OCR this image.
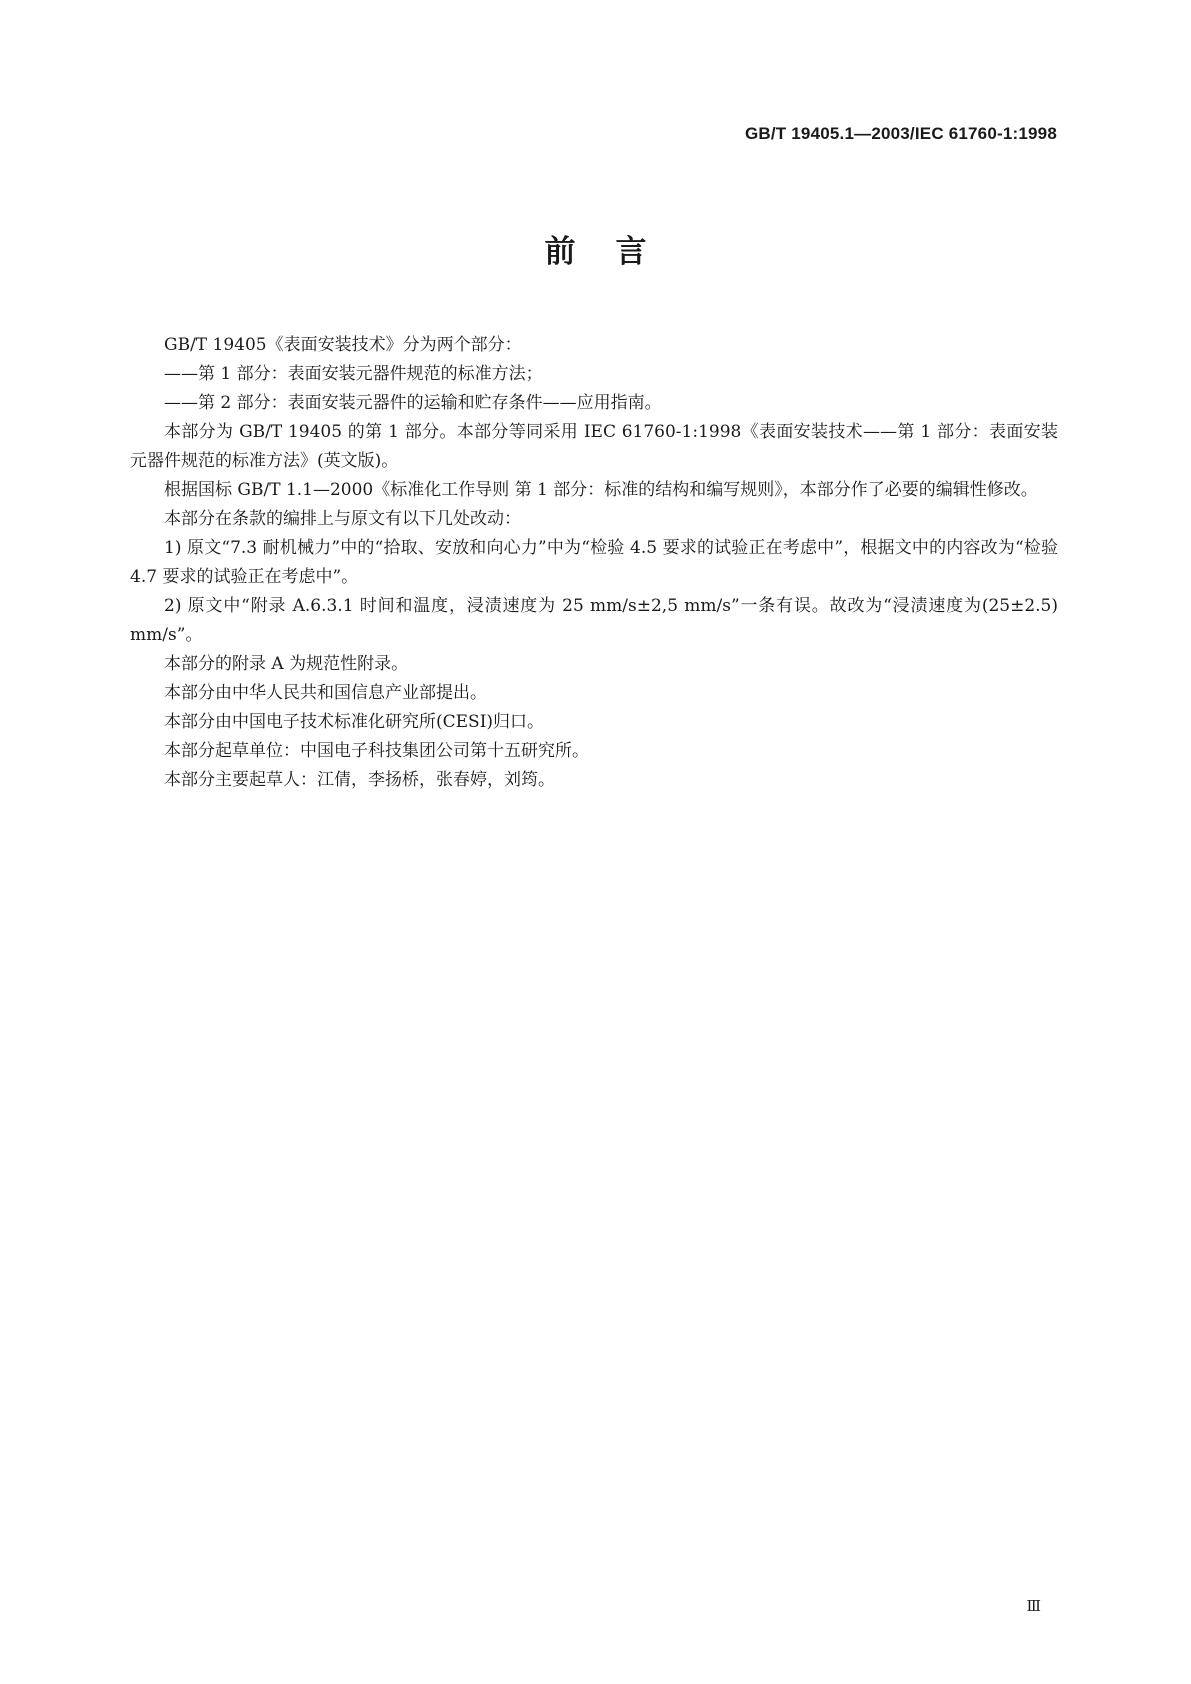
GB/T 19405.1—2003/IEC 61760-1:1998
前言

GB/T 19405《表面安装技术》分为两个部分：

——第 1 部分：表面安装元器件规范的标准方法；

——第 2 部分：表面安装元器件的运输和贮存条件——应用指南。

本部分为 GB/T 19405 的第 1 部分。本部分等同采用 IEC 61760-1:1998《表面安装技术——第 1 部分：表面安装元器件规范的标准方法》(英文版)。

根据国标 GB/T 1.1—2000《标准化工作导则 第 1 部分：标准的结构和编写规则》，本部分作了必要的编辑性修改。

本部分在条款的编排上与原文有以下几处改动：

1) 原文“7.3 耐机械力”中的“拾取、安放和向心力”中为“检验 4.5 要求的试验正在考虑中”，根据文中的内容改为“检验 4.7 要求的试验正在考虑中”。

2) 原文中“附录 A.6.3.1 时间和温度，浸渍速度为 25 mm/s±2,5 mm/s”一条有误。故改为“浸渍速度为(25±2.5) mm/s”。

本部分的附录 A 为规范性附录。

本部分由中华人民共和国信息产业部提出。

本部分由中国电子技术标准化研究所(CESI)归口。

本部分起草单位：中国电子科技集团公司第十五研究所。

本部分主要起草人：江倩，李扬桥，张春婷，刘筠。

Ⅲ
